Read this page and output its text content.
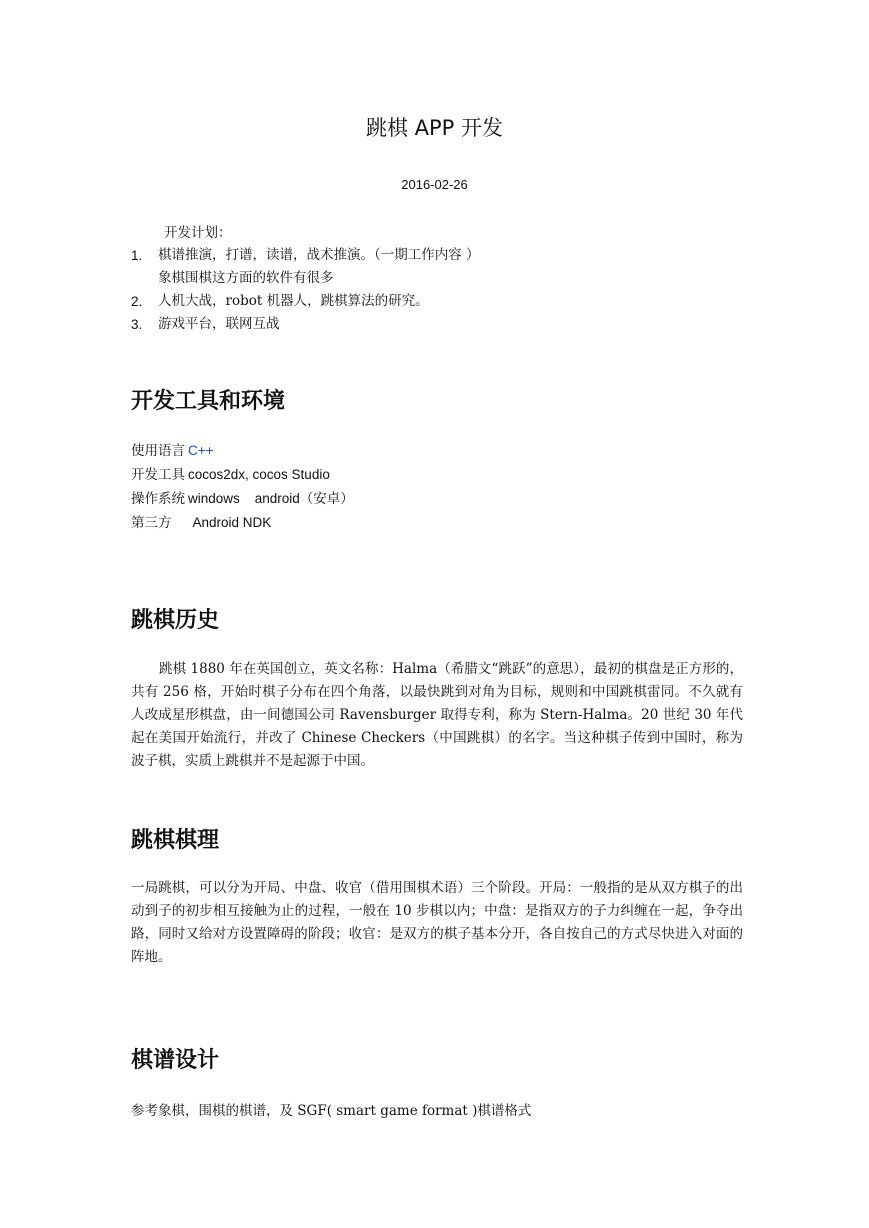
跳棋 APP 开发
2016-02-26
开发计划：
1. 棋谱推演，打谱，读谱，战术推演。（一期工作内容 ）
象棋围棋这方面的软件有很多
2. 人机大战，robot 机器人，跳棋算法的研究。
3. 游戏平台，联网互战
开发工具和环境
使用语言 C++
开发工具 cocos2dx, cocos Studio
操作系统 windows    android（安卓）
第三方     Android NDK
跳棋历史

跳棋 1880 年在英国创立，英文名称：Halma（希腊文“跳跃”的意思），最初的棋盘是正方形的，共有 256 格，开始时棋子分布在四个角落，以最快跳到对角为目标，规则和中国跳棋雷同。不久就有人改成星形棋盘，由一间德国公司 Ravensburger 取得专利，称为 Stern-Halma。20 世纪 30 年代起在美国开始流行，并改了 Chinese Checkers（中国跳棋）的名字。当这种棋子传到中国时，称为波子棋，实质上跳棋并不是起源于中国。

跳棋棋理

一局跳棋，可以分为开局、中盘、收官（借用围棋术语）三个阶段。开局：一般指的是从双方棋子的出动到子的初步相互接触为止的过程，一般在 10 步棋以内；中盘：是指双方的子力纠缠在一起，争夺出路，同时又给对方设置障碍的阶段；收官：是双方的棋子基本分开，各自按自己的方式尽快进入对面的阵地。

棋谱设计
参考象棋，围棋的棋谱，及 SGF( smart game format )棋谱格式
